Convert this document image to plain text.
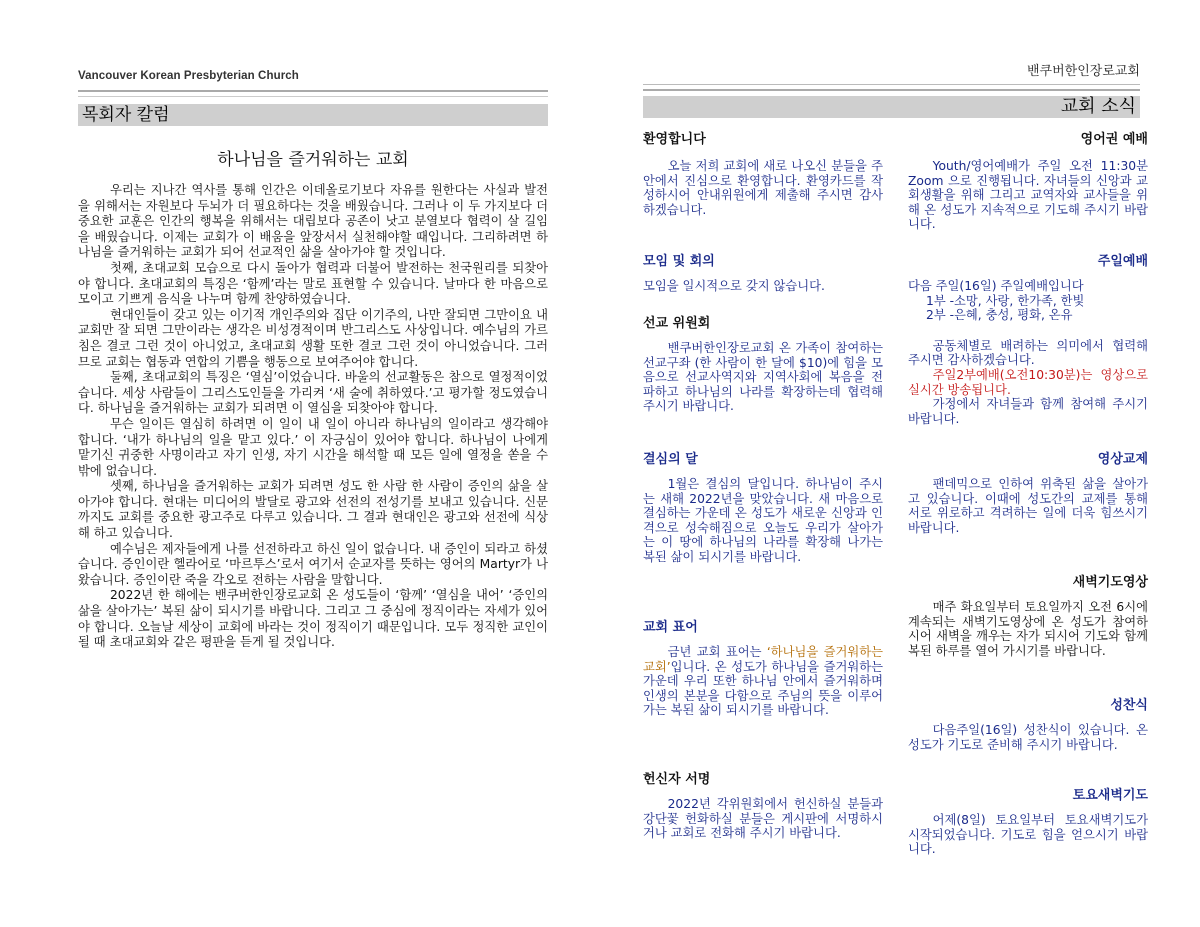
Vancouver Korean Presbyterian Church
목회자 칼럼
하나님을 즐거워하는 교회

우리는 지나간 역사를 통해 인간은 이데올로기보다 자유를 원한다는 사실과 발전을 위해서는 자원보다 두뇌가 더 필요하다는 것을 배웠습니다. 그러나 이 두 가지보다 더 중요한 교훈은 인간의 행복을 위해서는 대립보다 공존이 낫고 분열보다 협력이 살 길임을 배웠습니다. 이제는 교회가 이 배움을 앞장서서 실천해야할 때입니다. 그리하려면 하나님을 즐거워하는 교회가 되어 선교적인 삶을 살아가야 할 것입니다.

첫째, 초대교회 모습으로 다시 돌아가 협력과 더불어 발전하는 천국원리를 되찾아야 합니다. 초대교회의 특징은 ‘함께’라는 말로 표현할 수 있습니다. 날마다 한 마음으로 모이고 기쁘게 음식을 나누며 함께 찬양하였습니다.

현대인들이 갖고 있는 이기적 개인주의와 집단 이기주의, 나만 잘되면 그만이요 내 교회만 잘 되면 그만이라는 생각은 비성경적이며 반그리스도 사상입니다. 예수님의 가르침은 결코 그런 것이 아니었고, 초대교회 생활 또한 결코 그런 것이 아니었습니다. 그러므로 교회는 협동과 연합의 기쁨을 행동으로 보여주어야 합니다.

둘째, 초대교회의 특징은 ‘열심’이었습니다. 바울의 선교활동은 참으로 열정적이었습니다. 세상 사람들이 그리스도인들을 가리켜 ‘새 술에 취하였다.’고 평가할 정도였습니다. 하나님을 즐거워하는 교회가 되려면 이 열심을 되찾아야 합니다.

무슨 일이든 열심히 하려면 이 일이 내 일이 아니라 하나님의 일이라고 생각해야 합니다. ‘내가 하나님의 일을 맡고 있다.’ 이 자긍심이 있어야 합니다. 하나님이 나에게 맡기신 귀중한 사명이라고 자기 인생, 자기 시간을 해석할 때 모든 일에 열정을 쏟을 수밖에 없습니다.

셋째, 하나님을 즐거워하는 교회가 되려면 성도 한 사람 한 사람이 증인의 삶을 살아가야 합니다. 현대는 미디어의 발달로 광고와 선전의 전성기를 보내고 있습니다. 신문까지도 교회를 중요한 광고주로 다루고 있습니다. 그 결과 현대인은 광고와 선전에 식상해 하고 있습니다.

예수님은 제자들에게 나를 선전하라고 하신 일이 없습니다. 내 증인이 되라고 하셨습니다. 증인이란 헬라어로 ‘마르투스’로서 여기서 순교자를 뜻하는 영어의 Martyr가 나왔습니다. 증인이란 죽을 각오로 전하는 사람을 말합니다.

2022년 한 해에는 밴쿠버한인장로교회 온 성도들이 ‘함께’ ‘열심을 내어’ ‘증인의 삶을 살아가는’ 복된 삶이 되시기를 바랍니다. 그리고 그 중심에 정직이라는 자세가 있어야 합니다. 오늘날 세상이 교회에 바라는 것이 정직이기 때문입니다. 모두 정직한 교인이 될 때 초대교회와 같은 평판을 듣게 될 것입니다.

밴쿠버한인장로교회
교회 소식
환영합니다

오늘 저희 교회에 새로 나오신 분들을 주 안에서 진심으로 환영합니다. 환영카드를 작성하시어 안내위원에게 제출해 주시면 감사하겠습니다.

모임 및 회의

모임을 일시적으로 갖지 않습니다.

선교 위원회

밴쿠버한인장로교회 온 가족이 참여하는 선교구좌 (한 사람이 한 달에 $10)에 힘을 모음으로 선교사역지와 지역사회에 복음을 전파하고 하나님의 나라를 확장하는데 협력해 주시기 바랍니다.

결심의 달

1월은 결심의 달입니다. 하나님이 주시는 새해 2022년을 맞았습니다. 새 마음으로 결심하는 가운데 온 성도가 새로운 신앙과 인격으로 성숙해짐으로 오늘도 우리가 살아가는 이 땅에 하나님의 나라를 확장해 나가는 복된 삶이 되시기를 바랍니다.

교회 표어

금년 교회 표어는 ‘하나님을 즐거워하는 교회’입니다. 온 성도가 하나님을 즐거워하는 가운데 우리 또한 하나님 안에서 즐거워하며 인생의 본분을 다함으로 주님의 뜻을 이루어가는 복된 삶이 되시기를 바랍니다.

헌신자 서명

2022년 각위원회에서 헌신하실 분들과 강단꽃 헌화하실 분들은 게시판에 서명하시거나 교회로 전화해 주시기 바랍니다.

영어권 예배

Youth/영어예배가 주일 오전 11:30분 Zoom 으로 진행됩니다. 자녀들의 신앙과 교회생활을 위해 그리고 교역자와 교사들을 위해 온 성도가 지속적으로 기도해 주시기 바랍니다.

주일예배

다음 주일(16일) 주일예배입니다

1부 -소망, 사랑, 한가족, 한빛

2부 -은혜, 충성, 평화, 온유

공동체별로 배려하는 의미에서 협력해 주시면 감사하겠습니다.

주일2부예배(오전10:30분)는 영상으로 실시간 방송됩니다.

가정에서 자녀들과 함께 참여해 주시기 바랍니다.

영상교제

팬데믹으로 인하여 위축된 삶을 살아가고 있습니다. 이때에 성도간의 교제를 통해 서로 위로하고 격려하는 일에 더욱 힘쓰시기 바랍니다.

새벽기도영상

매주 화요일부터 토요일까지 오전 6시에 계속되는 새벽기도영상에 온 성도가 참여하시어 새벽을 깨우는 자가 되시어 기도와 함께 복된 하루를 열어 가시기를 바랍니다.

성찬식

다음주일(16일) 성찬식이 있습니다. 온 성도가 기도로 준비해 주시기 바랍니다.

토요새벽기도

어제(8일) 토요일부터 토요새벽기도가 시작되었습니다. 기도로 힘을 얻으시기 바랍니다.
